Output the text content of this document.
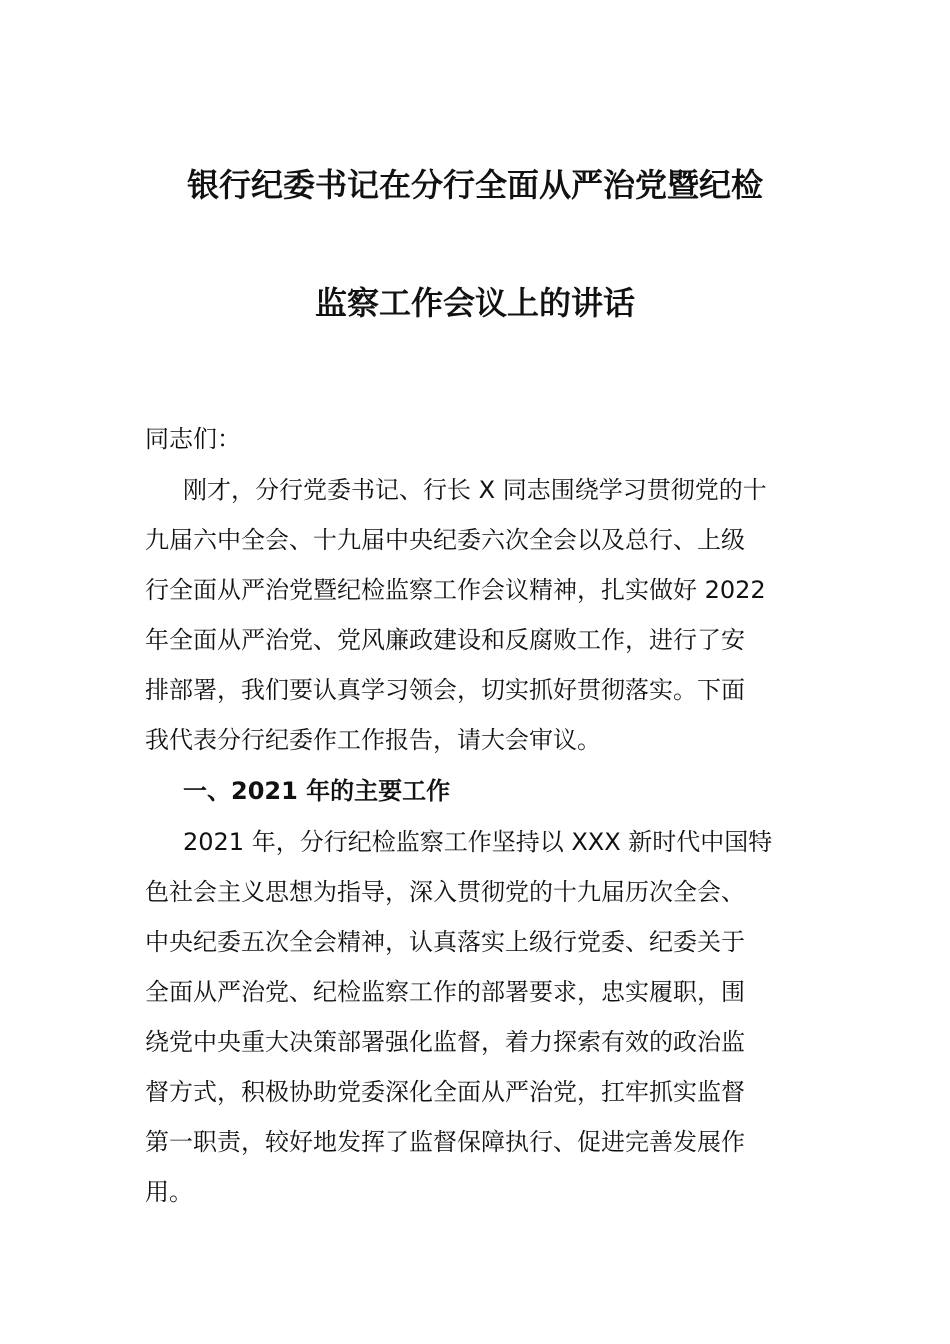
银行纪委书记在分行全面从严治党暨纪检
监察工作会议上的讲话
同志们：
刚才，分行党委书记、行长 X 同志围绕学习贯彻党的十
九届六中全会、十九届中央纪委六次全会以及总行、上级
行全面从严治党暨纪检监察工作会议精神，扎实做好 2022
年全面从严治党、党风廉政建设和反腐败工作，进行了安
排部署，我们要认真学习领会，切实抓好贯彻落实。下面
我代表分行纪委作工作报告，请大会审议。
一、2021 年的主要工作
2021 年，分行纪检监察工作坚持以 XXX 新时代中国特
色社会主义思想为指导，深入贯彻党的十九届历次全会、
中央纪委五次全会精神，认真落实上级行党委、纪委关于
全面从严治党、纪检监察工作的部署要求，忠实履职，围
绕党中央重大决策部署强化监督，着力探索有效的政治监
督方式，积极协助党委深化全面从严治党，扛牢抓实监督
第一职责，较好地发挥了监督保障执行、促进完善发展作
用。
